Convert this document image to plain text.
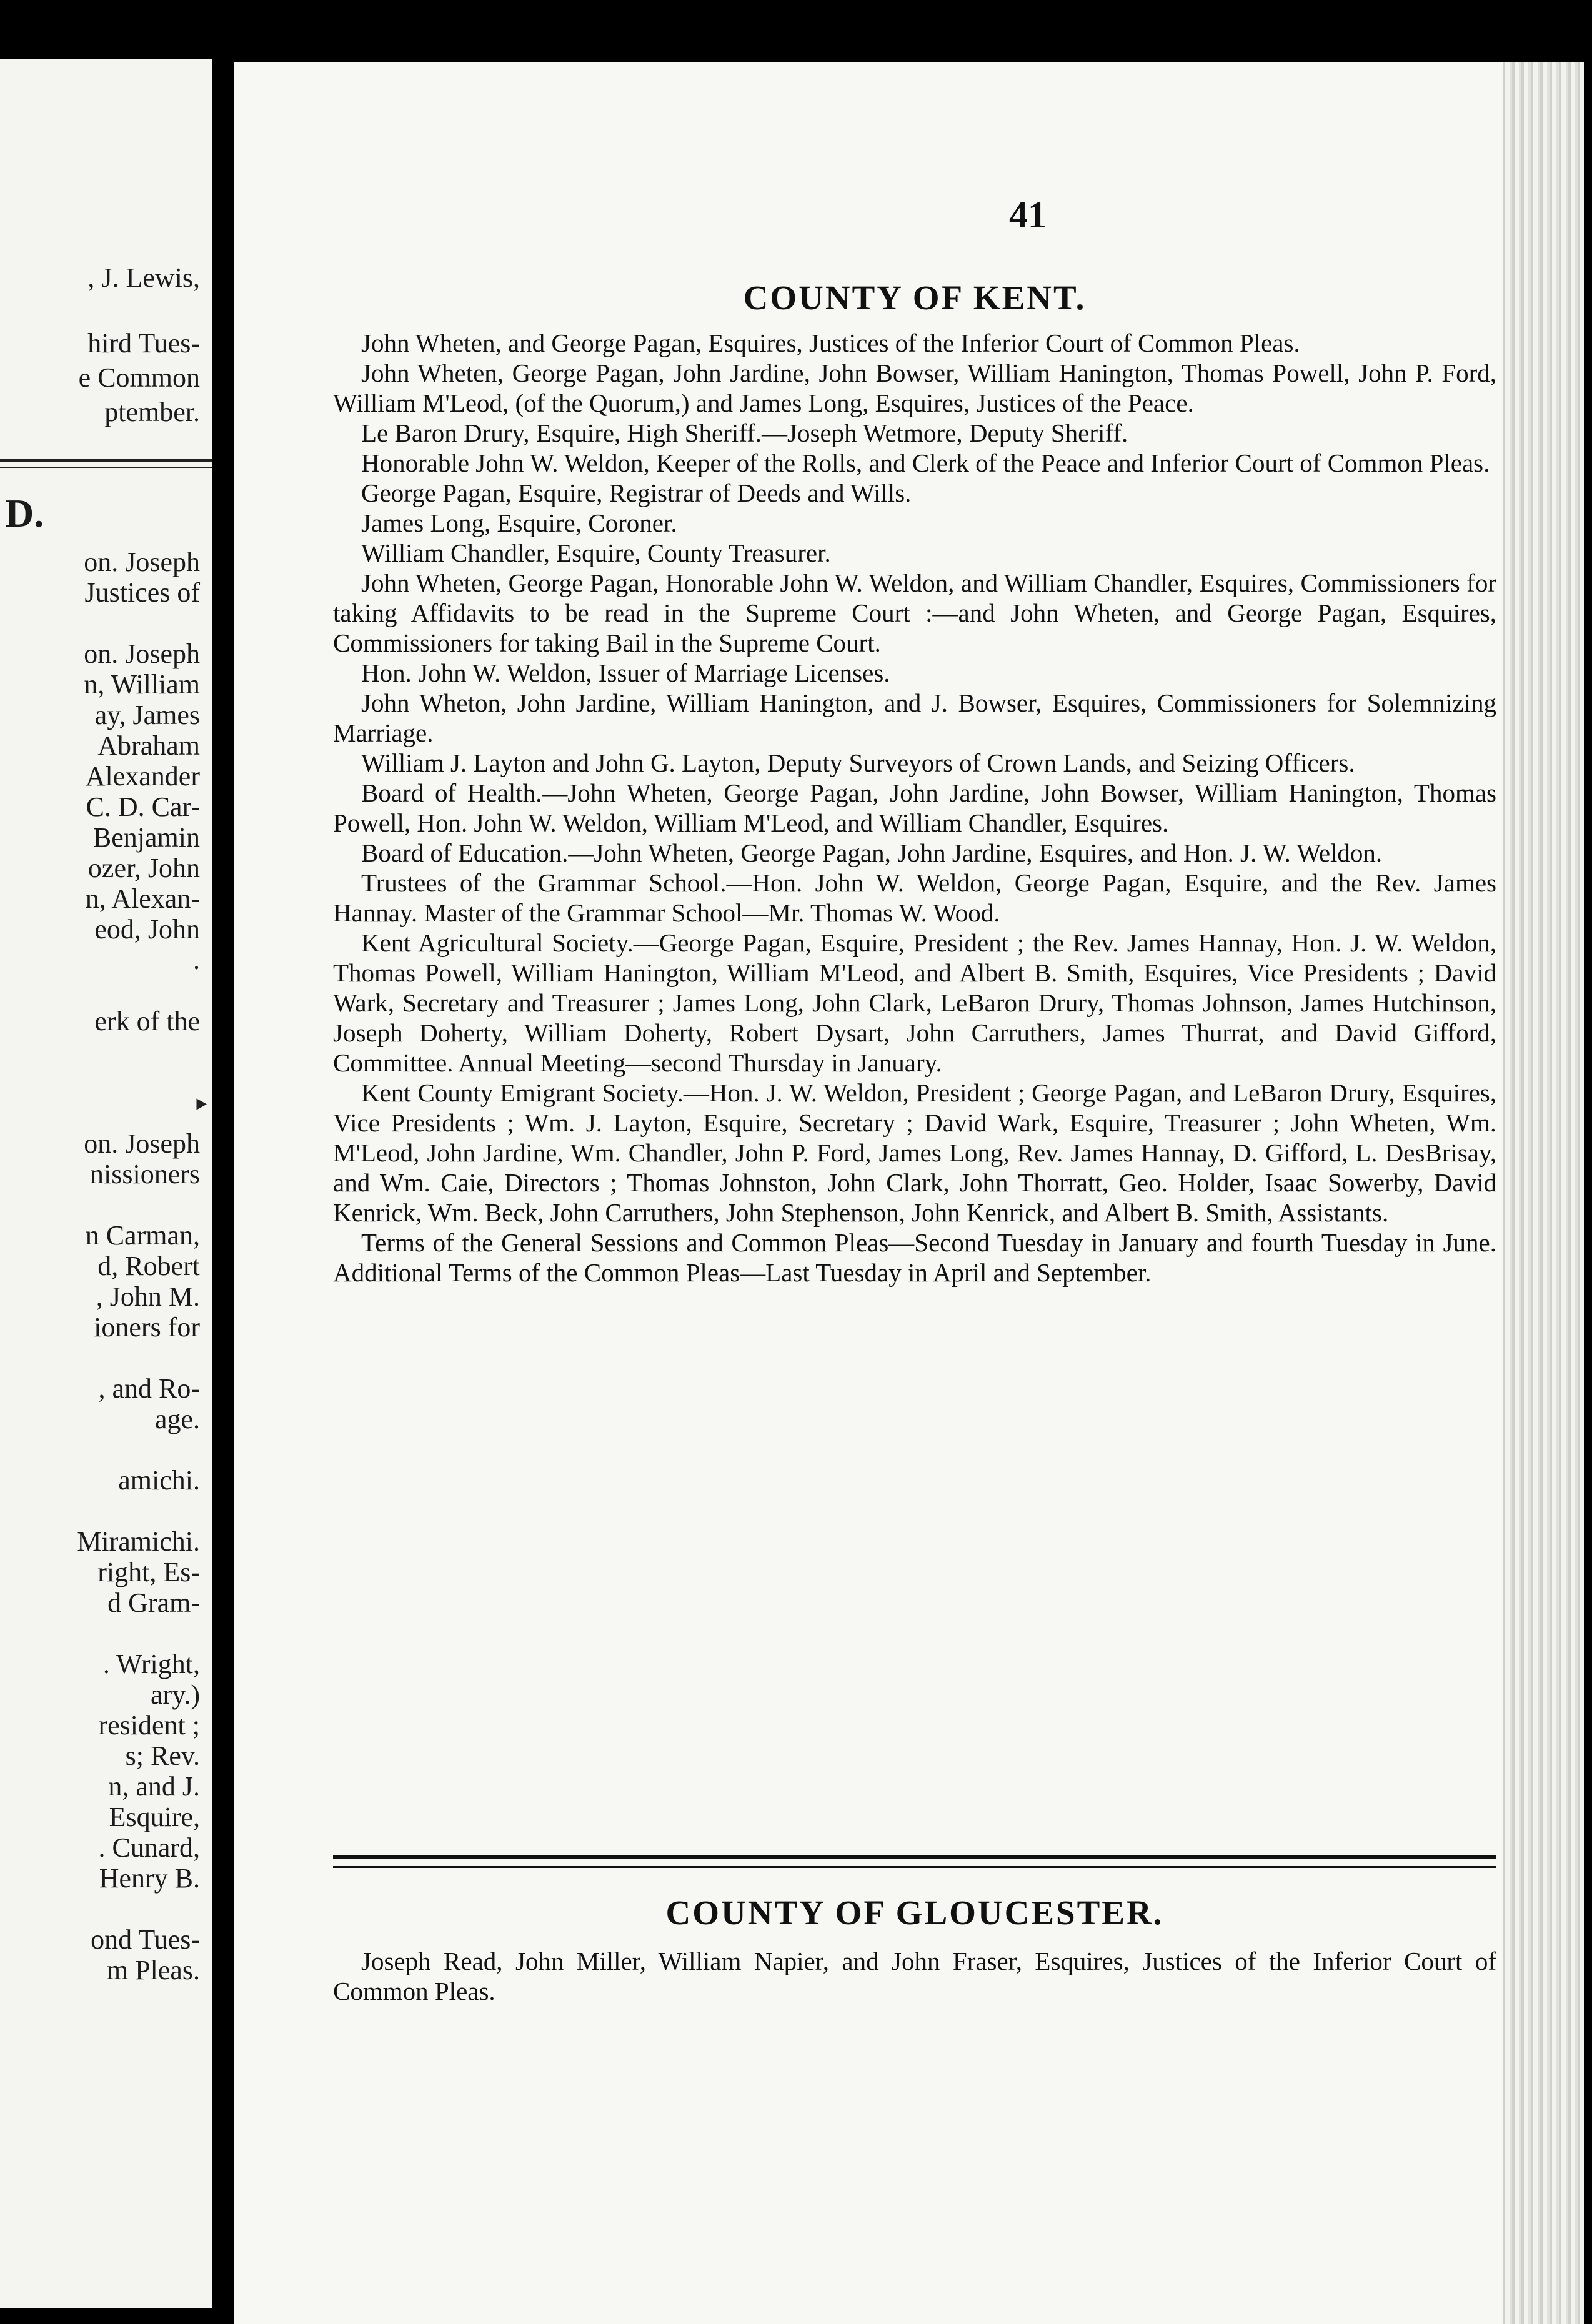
, J. Lewis,
hird Tues-
e Common
ptember.
D.
on. Joseph
Justices of
on. Joseph
n, William
ay, James
Abraham
Alexander
C. D. Car-
Benjamin
ozer, John
n, Alexan-
eod, John
.
erk of the
on. Joseph
nissioners
n Carman,
d, Robert
, John M.
ioners for
, and Ro-
age.
amichi.
Miramichi.
right, Es-
d Gram-
. Wright,
ary.)
resident ;
s; Rev.
n, and J.
Esquire,
. Cunard,
Henry B.
ond Tues-
m Pleas.
41
COUNTY OF KENT.

John Wheten, and George Pagan, Esquires, Justices of the Inferior Court of Common Pleas.

John Wheten, George Pagan, John Jardine, John Bowser, William Hanington, Thomas Powell, John P. Ford, William M'Leod, (of the Quorum,) and James Long, Esquires, Justices of the Peace.

Le Baron Drury, Esquire, High Sheriff.—Joseph Wetmore, Deputy Sheriff.

Honorable John W. Weldon, Keeper of the Rolls, and Clerk of the Peace and Inferior Court of Common Pleas.

George Pagan, Esquire, Registrar of Deeds and Wills.

James Long, Esquire, Coroner.

William Chandler, Esquire, County Treasurer.

John Wheten, George Pagan, Honorable John W. Weldon, and William Chandler, Esquires, Commissioners for taking Affidavits to be read in the Supreme Court :—and John Wheten, and George Pagan, Esquires, Commissioners for taking Bail in the Supreme Court.

Hon. John W. Weldon, Issuer of Marriage Licenses.

John Wheton, John Jardine, William Hanington, and J. Bowser, Esquires, Commissioners for Solemnizing Marriage.

William J. Layton and John G. Layton, Deputy Surveyors of Crown Lands, and Seizing Officers.

Board of Health.—John Wheten, George Pagan, John Jardine, John Bowser, William Hanington, Thomas Powell, Hon. John W. Weldon, William M'Leod, and William Chandler, Esquires.

Board of Education.—John Wheten, George Pagan, John Jardine, Esquires, and Hon. J. W. Weldon.

Trustees of the Grammar School.—Hon. John W. Weldon, George Pagan, Esquire, and the Rev. James Hannay. Master of the Grammar School—Mr. Thomas W. Wood.

Kent Agricultural Society.—George Pagan, Esquire, President ; the Rev. James Hannay, Hon. J. W. Weldon, Thomas Powell, William Hanington, William M'Leod, and Albert B. Smith, Esquires, Vice Presidents ; David Wark, Secretary and Treasurer ; James Long, John Clark, LeBaron Drury, Thomas Johnson, James Hutchinson, Joseph Doherty, William Doherty, Robert Dysart, John Carruthers, James Thurrat, and David Gifford, Committee. Annual Meeting—second Thursday in January.

Kent County Emigrant Society.—Hon. J. W. Weldon, President ; George Pagan, and LeBaron Drury, Esquires, Vice Presidents ; Wm. J. Layton, Esquire, Secretary ; David Wark, Esquire, Treasurer ; John Wheten, Wm. M'Leod, John Jardine, Wm. Chandler, John P. Ford, James Long, Rev. James Hannay, D. Gifford, L. DesBrisay, and Wm. Caie, Directors ; Thomas Johnston, John Clark, John Thorratt, Geo. Holder, Isaac Sowerby, David Kenrick, Wm. Beck, John Carruthers, John Stephenson, John Kenrick, and Albert B. Smith, Assistants.

Terms of the General Sessions and Common Pleas—Second Tuesday in January and fourth Tuesday in June. Additional Terms of the Common Pleas—Last Tuesday in April and September.

COUNTY OF GLOUCESTER.

Joseph Read, John Miller, William Napier, and John Fraser, Esquires, Justices of the Inferior Court of Common Pleas.

‣
